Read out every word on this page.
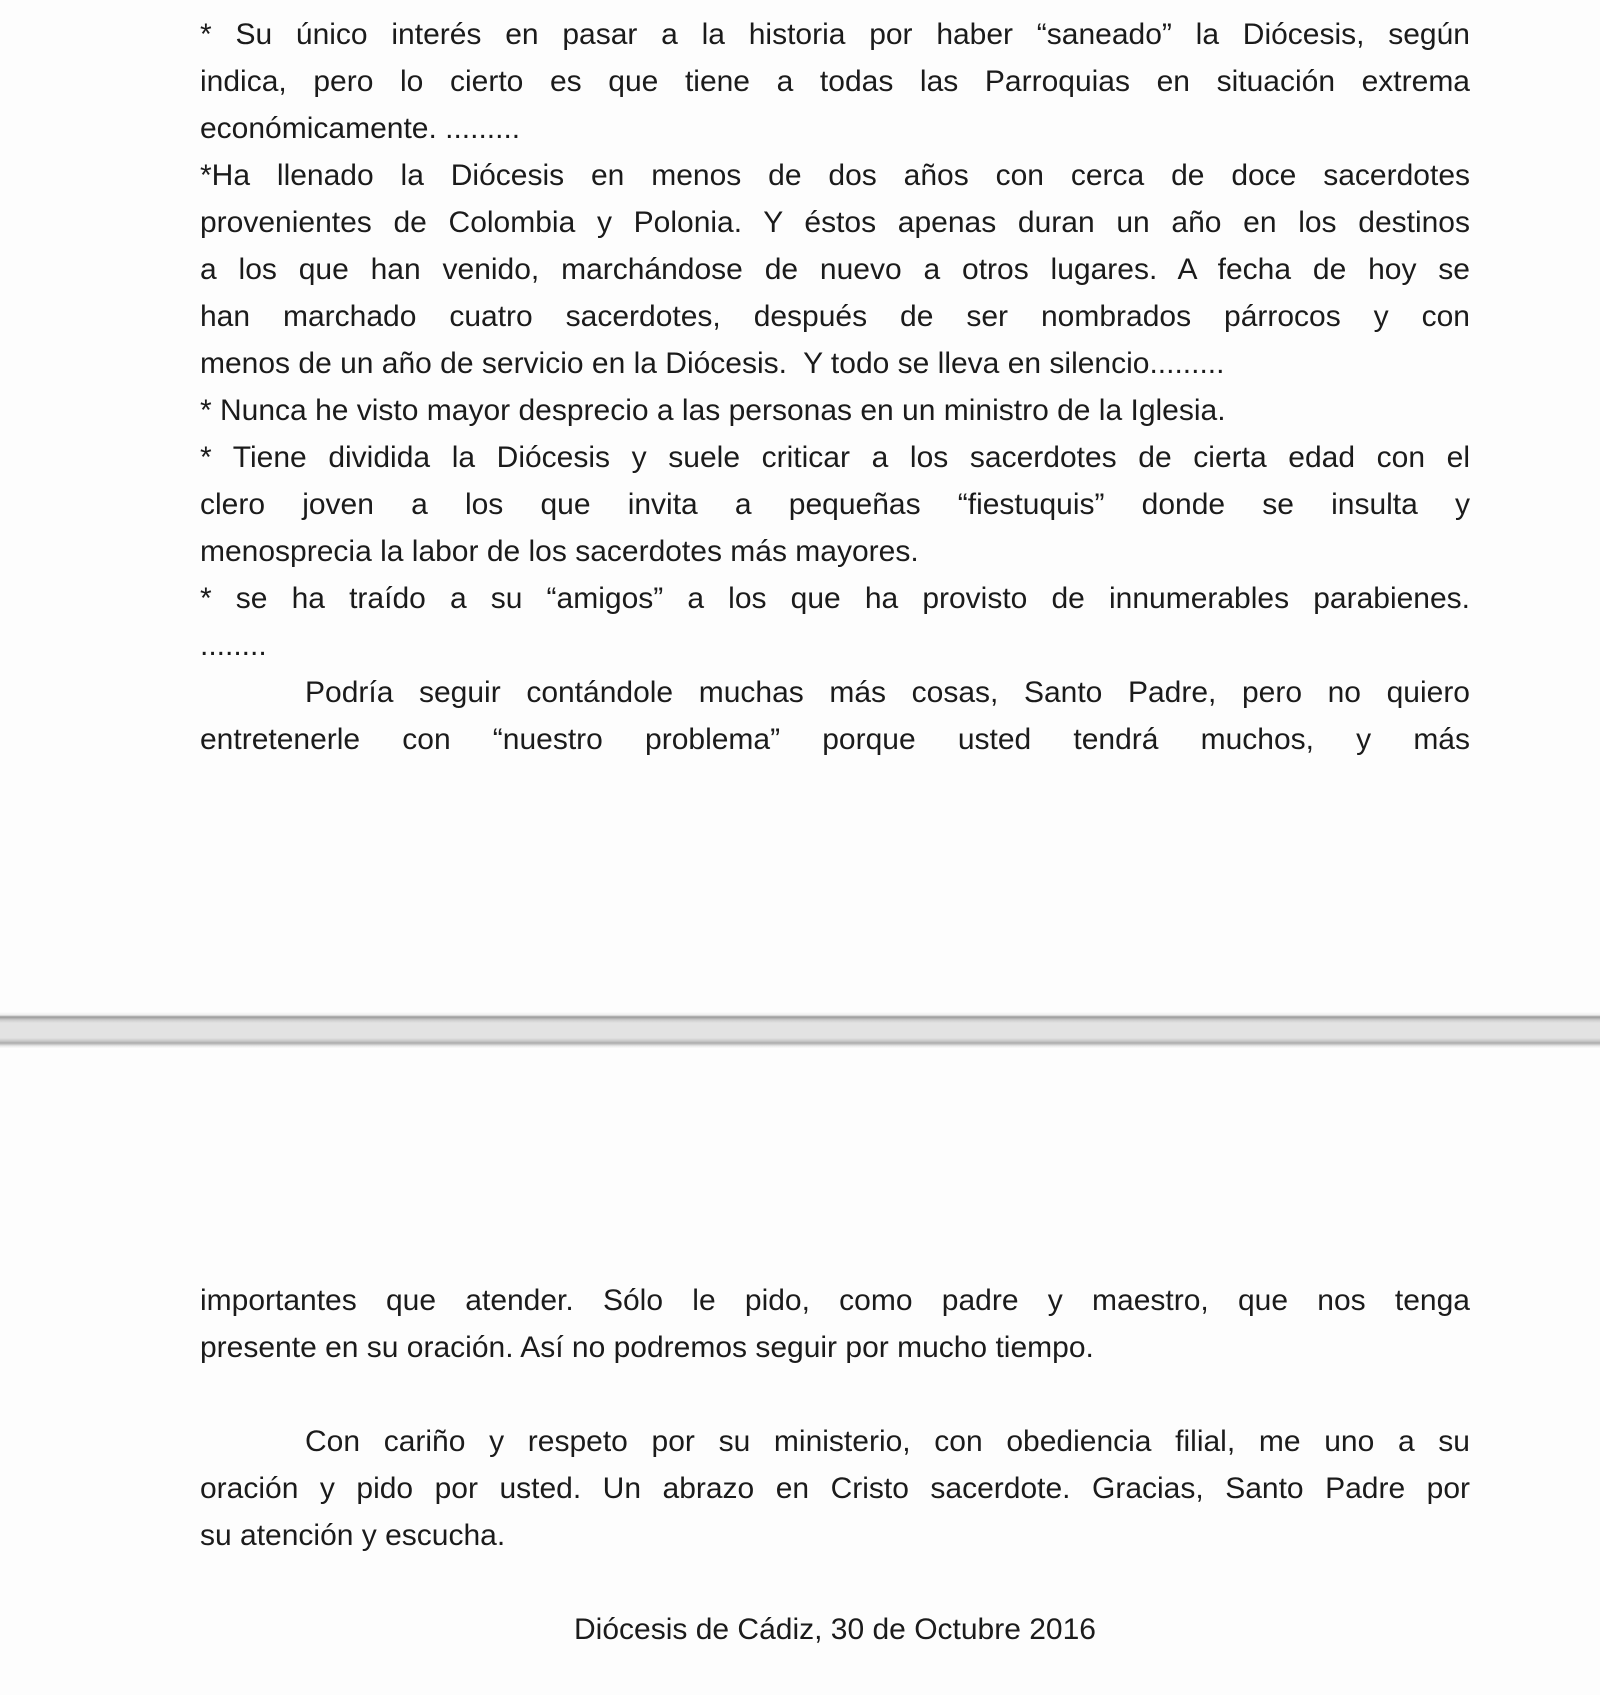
* Su único interés en pasar a la historia por haber “saneado” la Diócesis, según
indica, pero lo cierto es que tiene a todas las Parroquias en situación extrema
económicamente. .........
*Ha llenado la Diócesis en menos de dos años con cerca de doce sacerdotes
provenientes de Colombia y Polonia. Y éstos apenas duran un año en los destinos
a los que han venido, marchándose de nuevo a otros lugares. A fecha de hoy se
han marchado cuatro sacerdotes, después de ser nombrados párrocos y con
menos de un año de servicio en la Diócesis.  Y todo se lleva en silencio.........
* Nunca he visto mayor desprecio a las personas en un ministro de la Iglesia.
* Tiene dividida la Diócesis y suele criticar a los sacerdotes de cierta edad con el
clero joven a los que invita a pequeñas “fiestuquis” donde se insulta y
menosprecia la labor de los sacerdotes más mayores.
* se ha traído a su “amigos” a los que ha provisto de innumerables parabienes.
........
Podría seguir contándole muchas más cosas, Santo Padre, pero no quiero
entretenerle con “nuestro problema” porque usted tendrá muchos, y más
importantes que atender. Sólo le pido, como padre y maestro, que nos tenga
presente en su oración. Así no podremos seguir por mucho tiempo.
Con cariño y respeto por su ministerio, con obediencia filial, me uno a su
oración y pido por usted. Un abrazo en Cristo sacerdote. Gracias, Santo Padre por
su atención y escucha.
Diócesis de Cádiz, 30 de Octubre 2016
